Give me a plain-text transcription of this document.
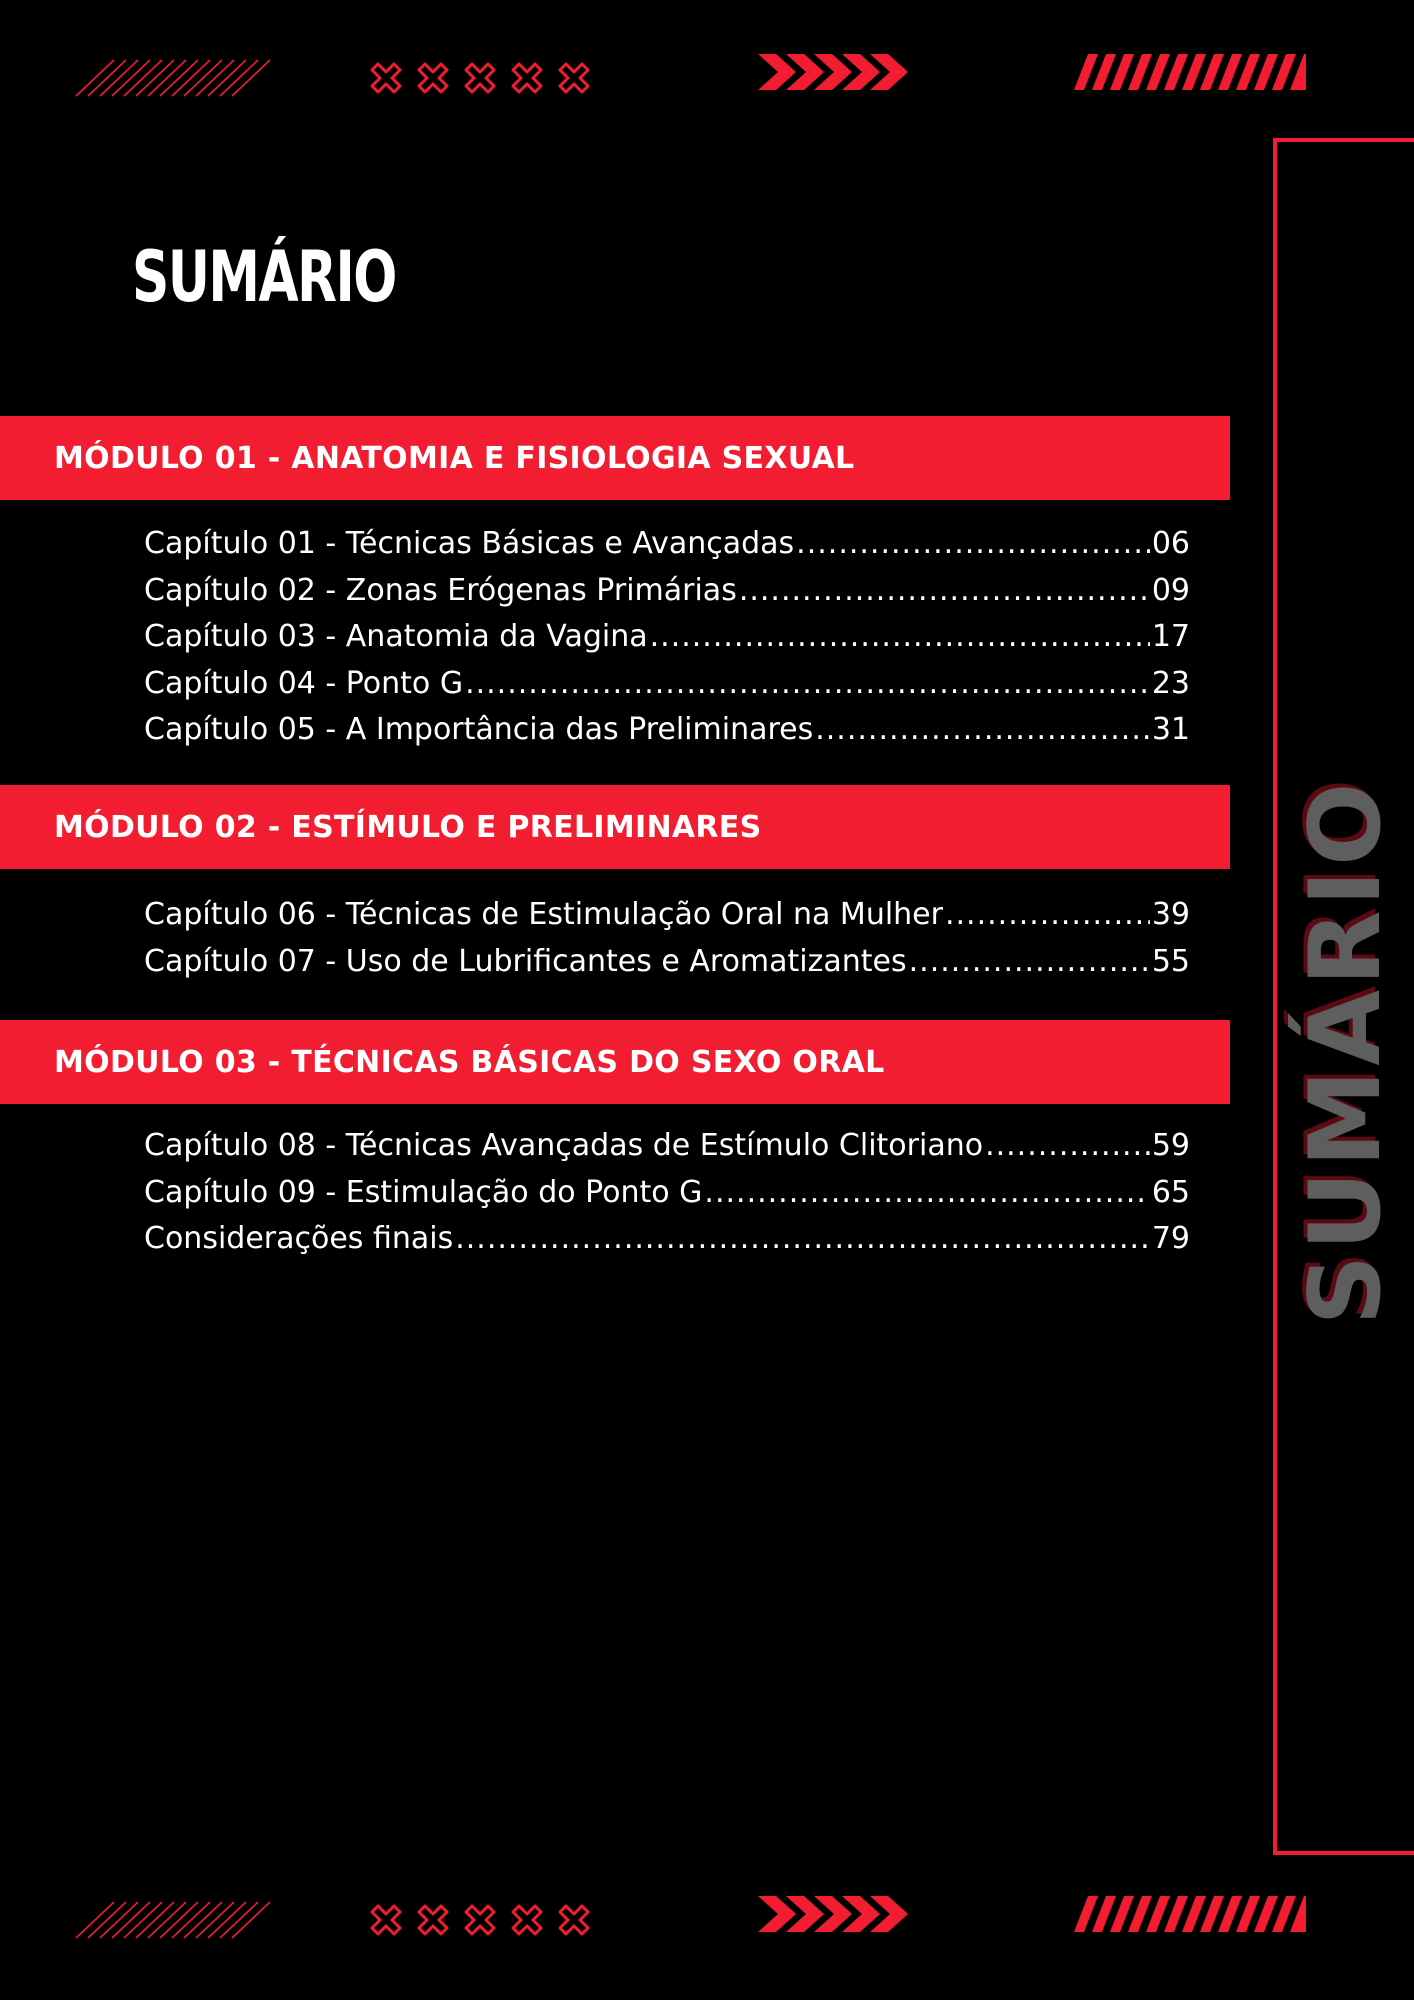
SUMÁRIO
MÓDULO 01 - ANATOMIA E FISIOLOGIA SEXUAL
Capítulo 01 - Técnicas Básicas e Avançadas .....	06
Capítulo 02 - Zonas Erógenas Primárias .....	09
Capítulo 03 - Anatomia da Vagina .....	17
Capítulo 04 - Ponto G .....	23
Capítulo 05 - A Importância das Preliminares .....	31
MÓDULO 02 - ESTÍMULO E PRELIMINARES
Capítulo 06 - Técnicas de Estimulação Oral na Mulher .....	39
Capítulo 07 - Uso de Lubrificantes e Aromatizantes .....	55
MÓDULO 03 - TÉCNICAS BÁSICAS DO SEXO ORAL
Capítulo 08 - Técnicas Avançadas de Estímulo Clitoriano .....	59
Capítulo 09 - Estimulação do Ponto G .....	65
Considerações finais .....	79 SUMÁRIO
